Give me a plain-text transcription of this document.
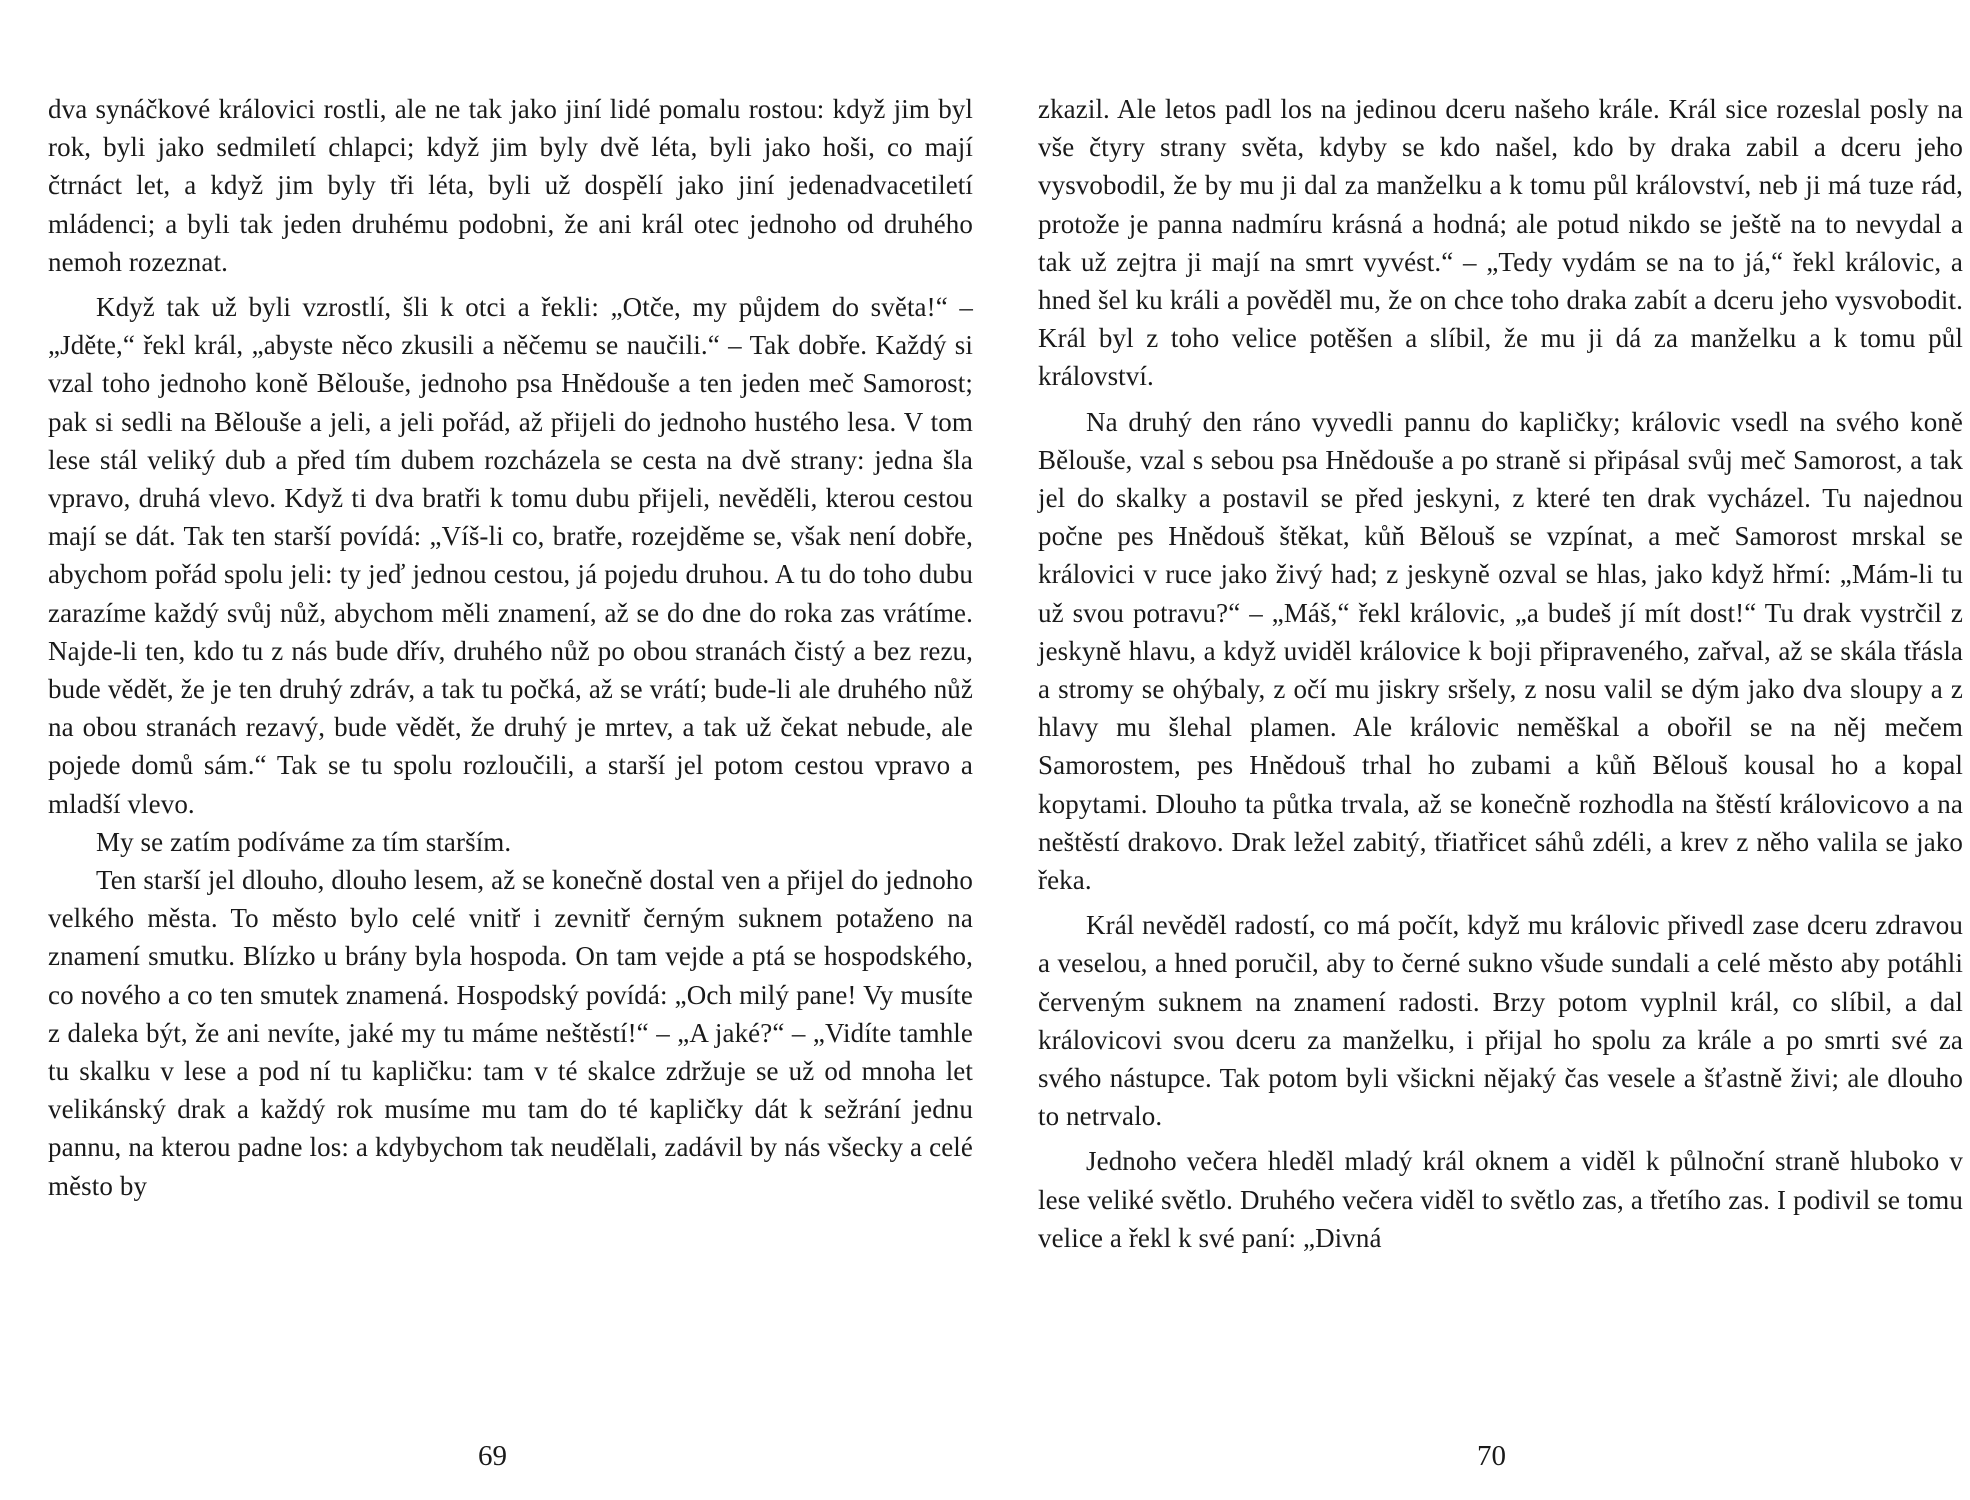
dva synáčkové královici rostli, ale ne tak jako jiní lidé pomalu rostou: když jim byl rok, byli jako sedmiletí chlapci; když jim byly dvě léta, byli jako hoši, co mají čtrnáct let, a když jim byly tři léta, byli už dospělí jako jiní jedenadvacetiletí mládenci; a byli tak jeden druhému podobni, že ani král otec jednoho od druhého nemoh rozeznat.

Když tak už byli vzrostlí, šli k otci a řekli: „Otče, my půjdem do světa!“ – „Jděte,“ řekl král, „abyste něco zkusili a něčemu se naučili.“ – Tak dobře. Každý si vzal toho jednoho koně Bělouše, jednoho psa Hnědouše a ten jeden meč Samorost; pak si sedli na Bělouše a jeli, a jeli pořád, až přijeli do jednoho hustého lesa. V tom lese stál veliký dub a před tím dubem rozcházela se cesta na dvě strany: jedna šla vpravo, druhá vlevo. Když ti dva bratři k tomu dubu přijeli, nevěděli, kterou cestou mají se dát. Tak ten starší povídá: „Víš-li co, bratře, rozejděme se, však není dobře, abychom pořád spolu jeli: ty jeď jednou cestou, já pojedu druhou. A tu do toho dubu zarazíme každý svůj nůž, abychom měli znamení, až se do dne do roka zas vrátíme. Najde-li ten, kdo tu z nás bude dřív, druhého nůž po obou stranách čistý a bez rezu, bude vědět, že je ten druhý zdráv, a tak tu počká, až se vrátí; bude-li ale druhého nůž na obou stranách rezavý, bude vědět, že druhý je mrtev, a tak už čekat nebude, ale pojede domů sám.“ Tak se tu spolu rozloučili, a starší jel potom cestou vpravo a mladší vlevo.

My se zatím podíváme za tím starším.

Ten starší jel dlouho, dlouho lesem, až se konečně dostal ven a přijel do jednoho velkého města. To město bylo celé vnitř i zevnitř černým suknem potaženo na znamení smutku. Blízko u brány byla hospoda. On tam vejde a ptá se hospodského, co nového a co ten smutek znamená. Hospodský povídá: „Och milý pane! Vy musíte z daleka být, že ani nevíte, jaké my tu máme neštěstí!“ – „A jaké?“ – „Vidíte tamhle tu skalku v lese a pod ní tu kapličku: tam v té skalce zdržuje se už od mnoha let velikánský drak a každý rok musíme mu tam do té kapličky dát k sežrání jednu pannu, na kterou padne los: a kdybychom tak neudělali, zadávil by nás všecky a celé město by

69

zkazil. Ale letos padl los na jedinou dceru našeho krále. Král sice rozeslal posly na vše čtyry strany světa, kdyby se kdo našel, kdo by draka zabil a dceru jeho vysvobodil, že by mu ji dal za manželku a k tomu půl království, neb ji má tuze rád, protože je panna nadmíru krásná a hodná; ale potud nikdo se ještě na to nevydal a tak už zejtra ji mají na smrt vyvést.“ – „Tedy vydám se na to já,“ řekl královic, a hned šel ku králi a pověděl mu, že on chce toho draka zabít a dceru jeho vysvobodit. Král byl z toho velice potěšen a slíbil, že mu ji dá za manželku a k tomu půl království.

Na druhý den ráno vyvedli pannu do kapličky; královic vsedl na svého koně Bělouše, vzal s sebou psa Hnědouše a po straně si připásal svůj meč Samorost, a tak jel do skalky a postavil se před jeskyni, z které ten drak vycházel. Tu najednou počne pes Hnědouš štěkat, kůň Bělouš se vzpínat, a meč Samorost mrskal se královici v ruce jako živý had; z jeskyně ozval se hlas, jako když hřmí: „Mám-li tu už svou potravu?“ – „Máš,“ řekl královic, „a budeš jí mít dost!“ Tu drak vystrčil z jeskyně hlavu, a když uviděl královice k boji připraveného, zařval, až se skála třásla a stromy se ohýbaly, z očí mu jiskry sršely, z nosu valil se dým jako dva sloupy a z hlavy mu šlehal plamen. Ale královic neměškal a obořil se na něj mečem Samorostem, pes Hnědouš trhal ho zubami a kůň Bělouš kousal ho a kopal kopytami. Dlouho ta půtka trvala, až se konečně rozhodla na štěstí královicovo a na neštěstí drakovo. Drak ležel zabitý, třiatřicet sáhů zdéli, a krev z něho valila se jako řeka.

Král nevěděl radostí, co má počít, když mu královic přivedl zase dceru zdravou a veselou, a hned poručil, aby to černé sukno všude sundali a celé město aby potáhli červeným suknem na znamení radosti. Brzy potom vyplnil král, co slíbil, a dal královicovi svou dceru za manželku, i přijal ho spolu za krále a po smrti své za svého nástupce. Tak potom byli všickni nějaký čas vesele a šťastně živi; ale dlouho to netrvalo.

Jednoho večera hleděl mladý král oknem a viděl k půlnoční straně hluboko v lese veliké světlo. Druhého večera viděl to světlo zas, a třetího zas. I podivil se tomu velice a řekl k své paní: „Divná

70
